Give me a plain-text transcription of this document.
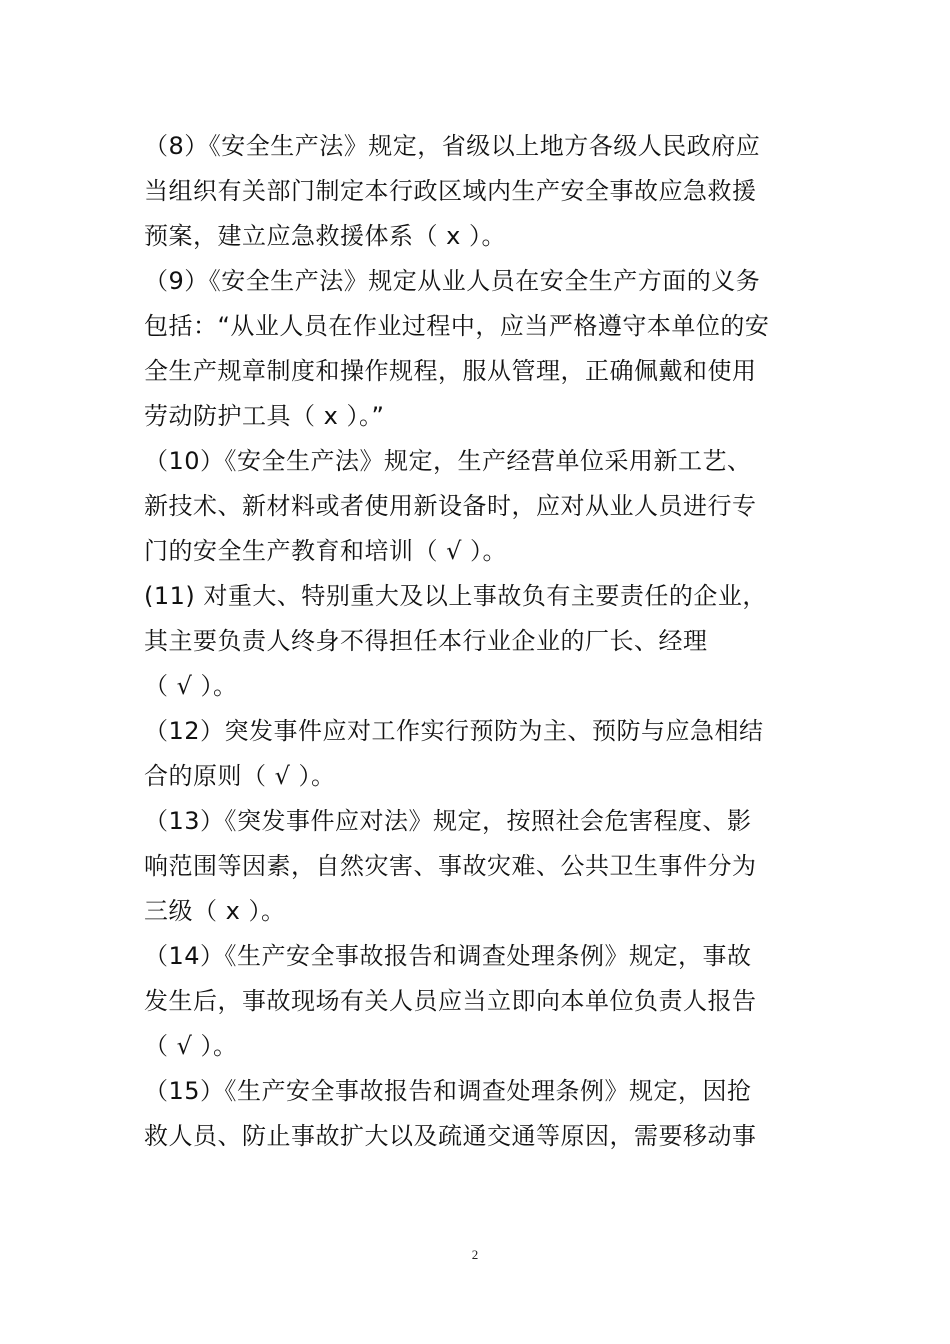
（8）《安全生产法》规定，省级以上地方各级人民政府应
当组织有关部门制定本行政区域内生产安全事故应急救援
预案，建立应急救援体系（ x ）。
（9）《安全生产法》规定从业人员在安全生产方面的义务
包括：“从业人员在作业过程中，应当严格遵守本单位的安
全生产规章制度和操作规程，服从管理，正确佩戴和使用
劳动防护工具（ x ）。”
（10）《安全生产法》规定，生产经营单位采用新工艺、
新技术、新材料或者使用新设备时，应对从业人员进行专
门的安全生产教育和培训（ √ ）。
(11) 对重大、特别重大及以上事故负有主要责任的企业，
其主要负责人终身不得担任本行业企业的厂长、经理
（ √ ）。
（12）突发事件应对工作实行预防为主、预防与应急相结
合的原则（ √ ）。
（13）《突发事件应对法》规定，按照社会危害程度、影
响范围等因素，自然灾害、事故灾难、公共卫生事件分为
三级（ x ）。
（14）《生产安全事故报告和调查处理条例》规定，事故
发生后，事故现场有关人员应当立即向本单位负责人报告
（ √ ）。
（15）《生产安全事故报告和调查处理条例》规定，因抢
救人员、防止事故扩大以及疏通交通等原因，需要移动事
2
